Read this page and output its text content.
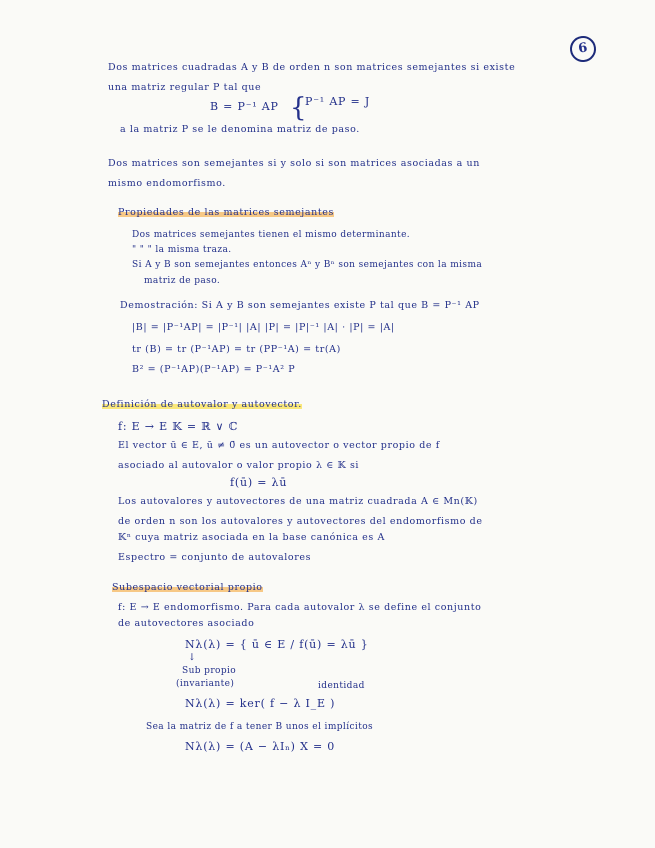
6
Dos matrices cuadradas A y B de orden n son matrices semejantes si existe
una matriz regular P tal que
B = P⁻¹ AP {
P⁻¹ AP = J
a la matriz P se le denomina matriz de paso.
Dos matrices son semejantes si y solo si son matrices asociadas a un
mismo endomorfismo.
Propiedades de las matrices semejantes
Dos matrices semejantes tienen el mismo determinante.
" " " la misma traza.
Si A y B son semejantes entonces Aⁿ y Bⁿ son semejantes con la misma
matriz de paso.
Demostración: Si A y B son semejantes existe P tal que B = P⁻¹ AP
|B| = |P⁻¹AP| = |P⁻¹| |A| |P| = |P|⁻¹ |A| · |P| = |A|
tr (B) = tr (P⁻¹AP) = tr (PP⁻¹A) = tr(A)
B² = (P⁻¹AP)(P⁻¹AP) = P⁻¹A² P
Definición de autovalor y autovector.
f: E → E 𝕂 = ℝ ∨ ℂ
El vector ū ∈ E, ū ≠ 0̄ es un autovector o vector propio de f
asociado al autovalor o valor propio λ ∈ 𝕂 si
f(ū) = λū
Los autovalores y autovectores de una matriz cuadrada A ∈ Mn(𝕂)
de orden n son los autovalores y autovectores del endomorfismo de
𝕂ⁿ cuya matriz asociada en la base canónica es A
Espectro = conjunto de autovalores
Subespacio vectorial propio
f: E → E endomorfismo. Para cada autovalor λ se define el conjunto
de autovectores asociado
Nλ(λ) = { ū ∈ E / f(ū) = λū }
↓
Sub propio
(invariante)	identidad
Nλ(λ) = ker( f − λ I_E )
Sea la matriz de f a tener B unos el implícitos
Nλ(λ) = (A − λIₙ) X = 0
